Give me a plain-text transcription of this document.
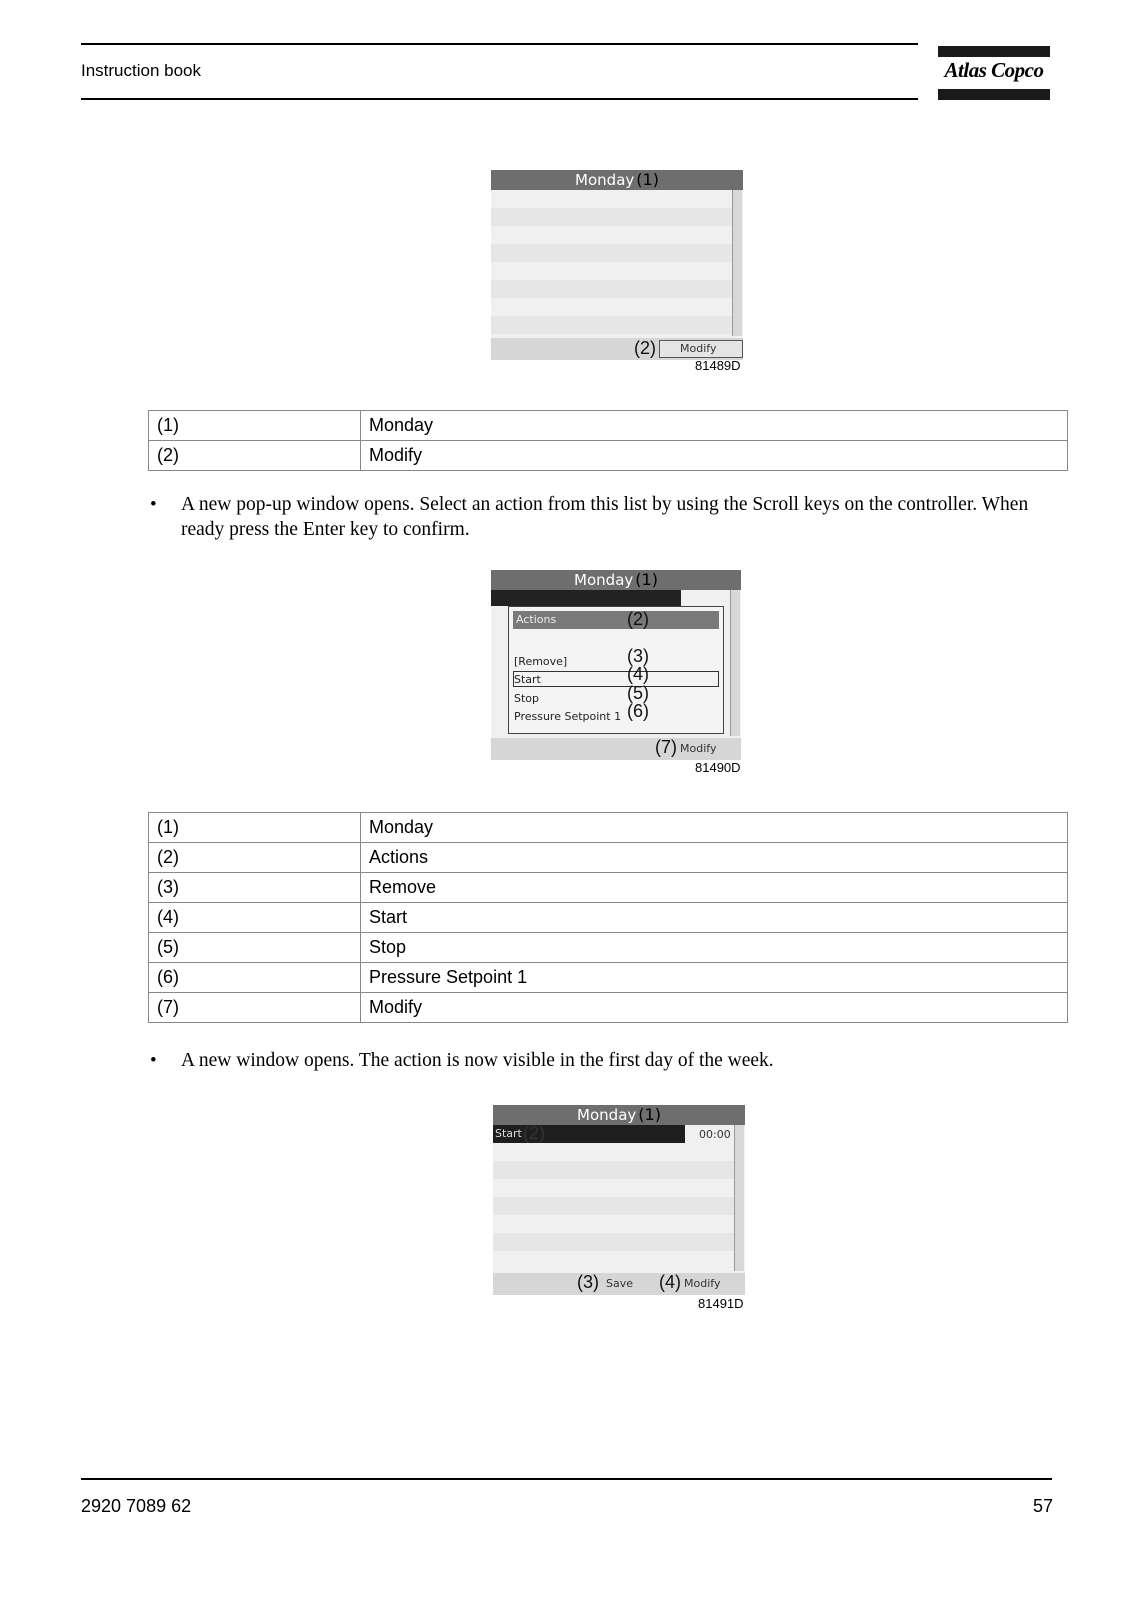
Instruction book	Atlas Copco
Monday (1)
Modify
(2)
81489D
(1)	Monday
(2)	Modify
• A new pop-up window opens. Select an action from this list by using the Scroll keys on the controller. When ready press the Enter key to confirm.
Monday (1)
Actions	(2)
[Remove]	(3)
Start	(4)
Stop	(5)
Pressure Setpoint 1 (6)
(7) Modify
81490D
(1)	Monday
(2)	Actions
(3)	Remove
(4)	Start
(5)	Stop
(6)	Pressure Setpoint 1
(7)	Modify
• A new window opens. The action is now visible in the first day of the week.
Monday (1)
Start (2)	00:00
(3) Save (4) Modify
81491D
2920 7089 62	57
